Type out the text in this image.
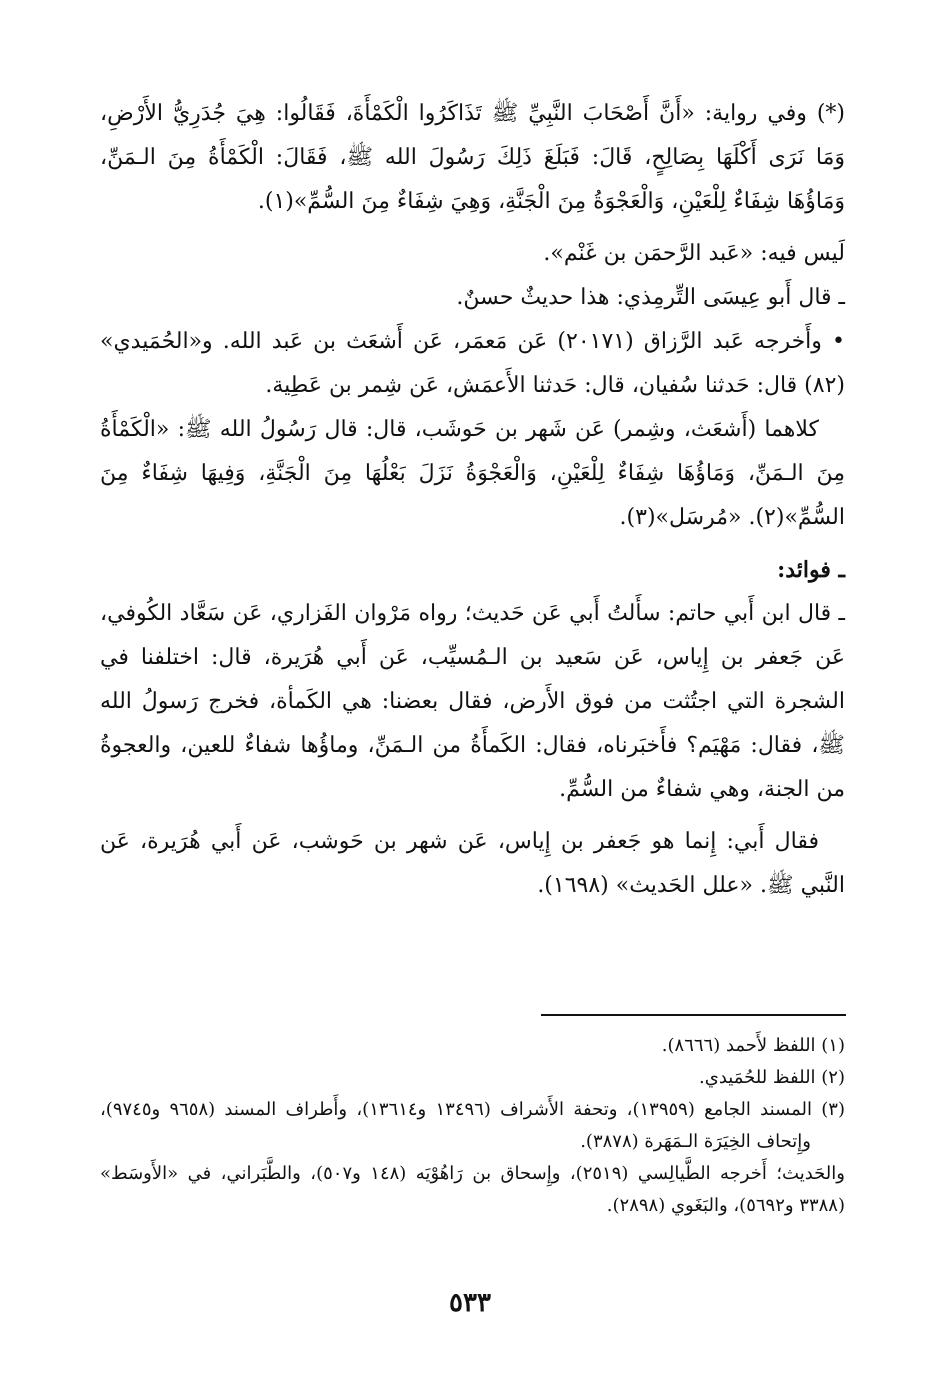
(*) وفي رواية: «أَنَّ أَصْحَابَ النَّبِيِّ ﷺ تَذَاكَرُوا الْكَمْأَةَ، فَقَالُوا: هِيَ جُدَرِيُّ الأَرْضِ، وَمَا نَرَى أَكْلَهَا بِصَالِحٍ، قَالَ: فَبَلَغَ ذَلِكَ رَسُولَ الله ﷺ، فَقَالَ: الْكَمْأَةُ مِنَ الـمَنِّ، وَمَاؤُهَا شِفَاءٌ لِلْعَيْنِ، وَالْعَجْوَةُ مِنَ الْجَنَّةِ، وَهِيَ شِفَاءٌ مِنَ السُّمِّ»(١).

لَيس فيه: «عَبد الرَّحمَن بن غَنْم».

ـ قال أَبو عِيسَى التِّرمِذي: هذا حديثٌ حسنٌ.

• وأَخرجه عَبد الرَّزاق (٢٠١٧١) عَن مَعمَر، عَن أَشعَث بن عَبد الله. و«الحُمَيدي» (٨٢) قال: حَدثنا سُفيان، قال: حَدثنا الأَعمَش، عَن شِمر بن عَطِية.

كلاهما (أَشعَث، وشِمر) عَن شَهر بن حَوشَب، قال: قال رَسُولُ الله ﷺ: «الْكَمْأَةُ مِنَ الـمَنِّ، وَمَاؤُهَا شِفَاءٌ لِلْعَيْنِ، وَالْعَجْوَةُ نَزَلَ بَعْلُهَا مِنَ الْجَنَّةِ، وَفِيهَا شِفَاءٌ مِنَ السُّمِّ»(٢). «مُرسَل»(٣).

ـ فوائد:

ـ قال ابن أَبي حاتم: سأَلتُ أَبي عَن حَديث؛ رواه مَرْوان الفَزاري، عَن سَعَّاد الكُوفي، عَن جَعفر بن إِياس، عَن سَعيد بن الـمُسيِّب، عَن أَبي هُرَيرة، قال: اختلفنا في الشجرة التي اجتُثت من فوق الأَرض، فقال بعضنا: هي الكَمأة، فخرج رَسولُ الله ﷺ، فقال: مَهْيَم؟ فأَخبَرناه، فقال: الكَمأَةُ من الـمَنِّ، وماؤُها شفاءٌ للعين، والعجوةُ من الجنة، وهي شفاءٌ من السُّمِّ.

فقال أَبي: إِنما هو جَعفر بن إِياس، عَن شهر بن حَوشب، عَن أَبي هُرَيرة، عَن النَّبي ﷺ. «علل الحَديث» (١٦٩٨).

(١) اللفظ لأَحمد (٨٦٦٦).

(٢) اللفظ للحُمَيدي.

(٣) المسند الجامع (١٣٩٥٩)، وتحفة الأَشراف (١٣٤٩٦ و١٣٦١٤)، وأَطراف المسند (٩٦٥٨ و٩٧٤٥)، وإِتحاف الخِيَرَة الـمَهَرة (٣٨٧٨).

والحَديث؛ أَخرجه الطَّيالِسي (٢٥١٩)، وإِسحاق بن رَاهُوْيَه (١٤٨ و٥٠٧)، والطَّبَراني، في «الأَوسَط» (٣٣٨٨ و٥٦٩٢)، والبَغَوي (٢٨٩٨).

٥٣٣
